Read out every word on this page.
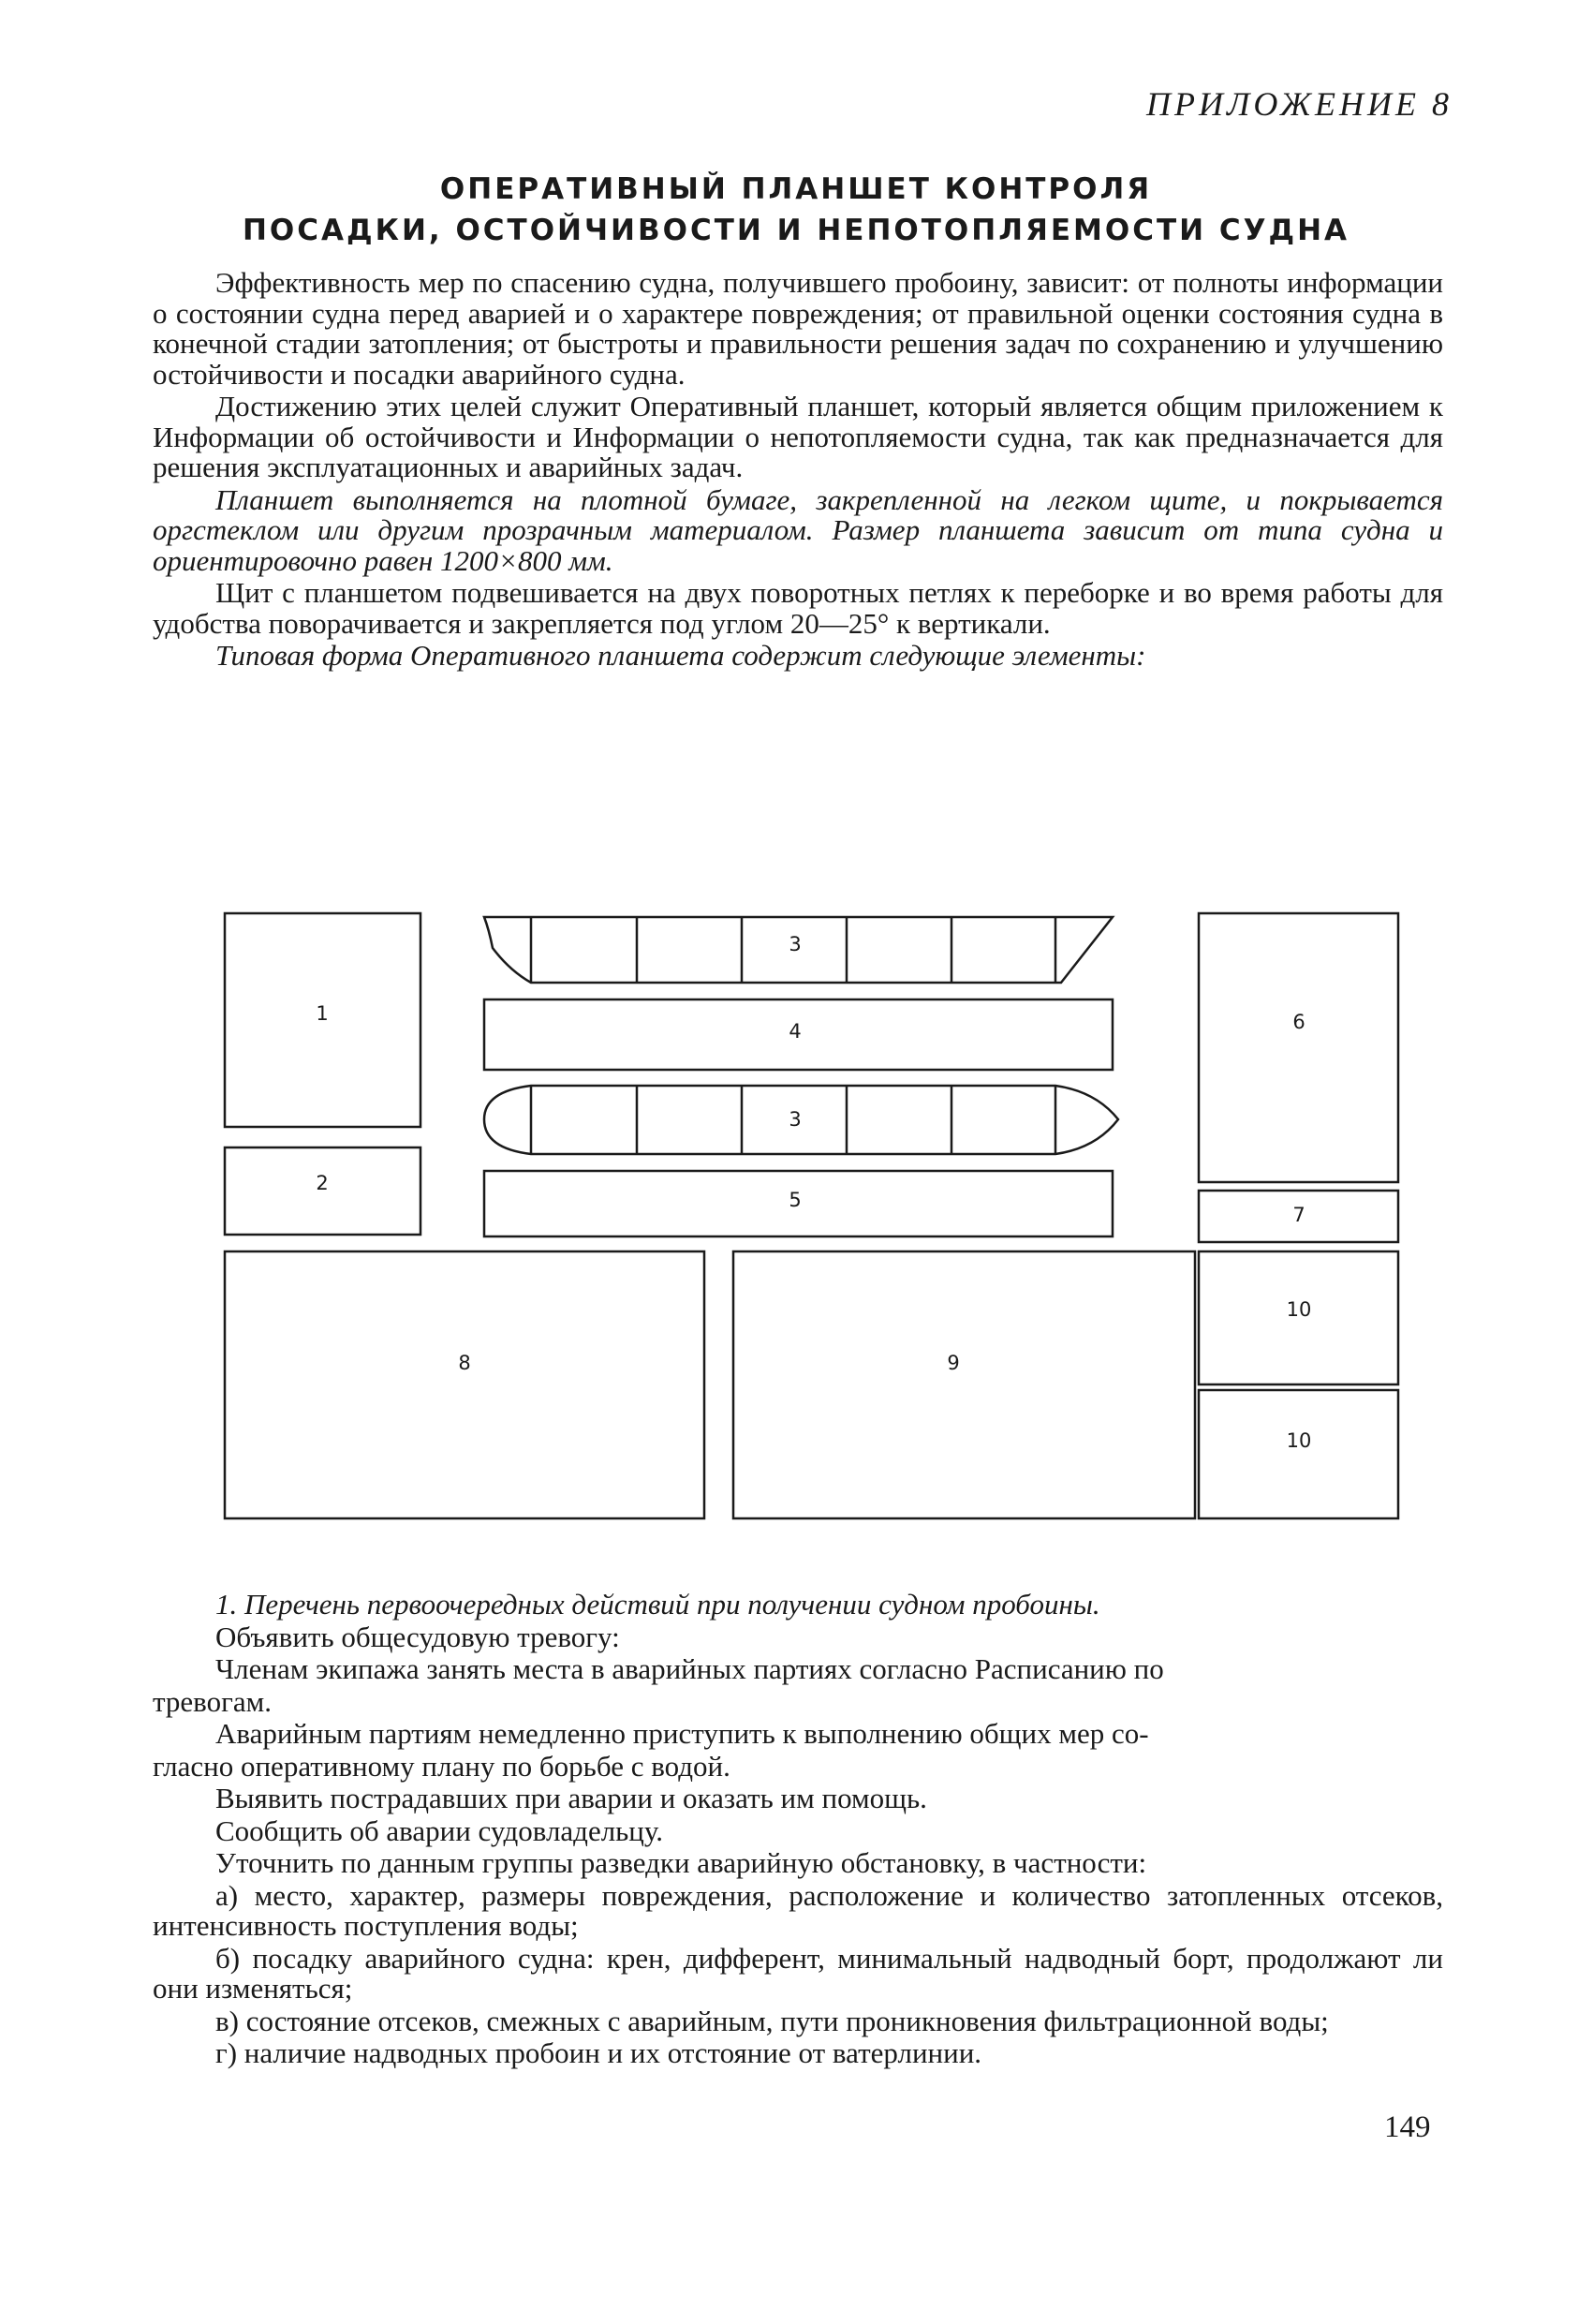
ПРИЛОЖЕНИЕ 8
ОПЕРАТИВНЫЙ ПЛАНШЕТ КОНТРОЛЯ
ПОСАДКИ, ОСТОЙЧИВОСТИ И НЕПОТОПЛЯЕМОСТИ СУДНА

Эффективность мер по спасению судна, получившего пробоину, зависит: от полноты информации о состоянии судна перед аварией и о характере повреждения; от правильной оценки состояния судна в конечной стадии затопления; от быстроты и правильности решения задач по сохранению и улучшению остойчивости и посадки аварийного судна.

Достижению этих целей служит Оперативный планшет, который является общим приложением к Информации об остойчивости и Информации о непотопляемости судна, так как предназначается для решения эксплуатационных и аварийных задач.

Планшет выполняется на плотной бумаге, закрепленной на легком щите, и покрывается оргстеклом или другим прозрачным материалом. Размер планшета зависит от типа судна и ориентировочно равен 1200×800 мм.

Щит с планшетом подвешивается на двух поворотных петлях к переборке и во время работы для удобства поворачивается и закрепляется под углом 20—25° к вертикали.

Типовая форма Оперативного планшета содержит следующие элементы:

1
2
3
4
3
5
6
7
8	9
10
10

1. Перечень первоочередных действий при получении судном пробоины.

Объявить общесудовую тревогу:

Членам экипажа занять места в аварийных партиях согласно Расписанию по

тревогам.

Аварийным партиям немедленно приступить к выполнению общих мер со-

гласно оперативному плану по борьбе с водой.

Выявить пострадавших при аварии и оказать им помощь.

Сообщить об аварии судовладельцу.

Уточнить по данным группы разведки аварийную обстановку, в частности:

а) место, характер, размеры повреждения, расположение и количество затопленных отсеков, интенсивность поступления воды;

б) посадку аварийного судна: крен, дифферент, минимальный надводный борт, продолжают ли они изменяться;

в) состояние отсеков, смежных с аварийным, пути проникновения фильтрационной воды;

г) наличие надводных пробоин и их отстояние от ватерлинии.

149
